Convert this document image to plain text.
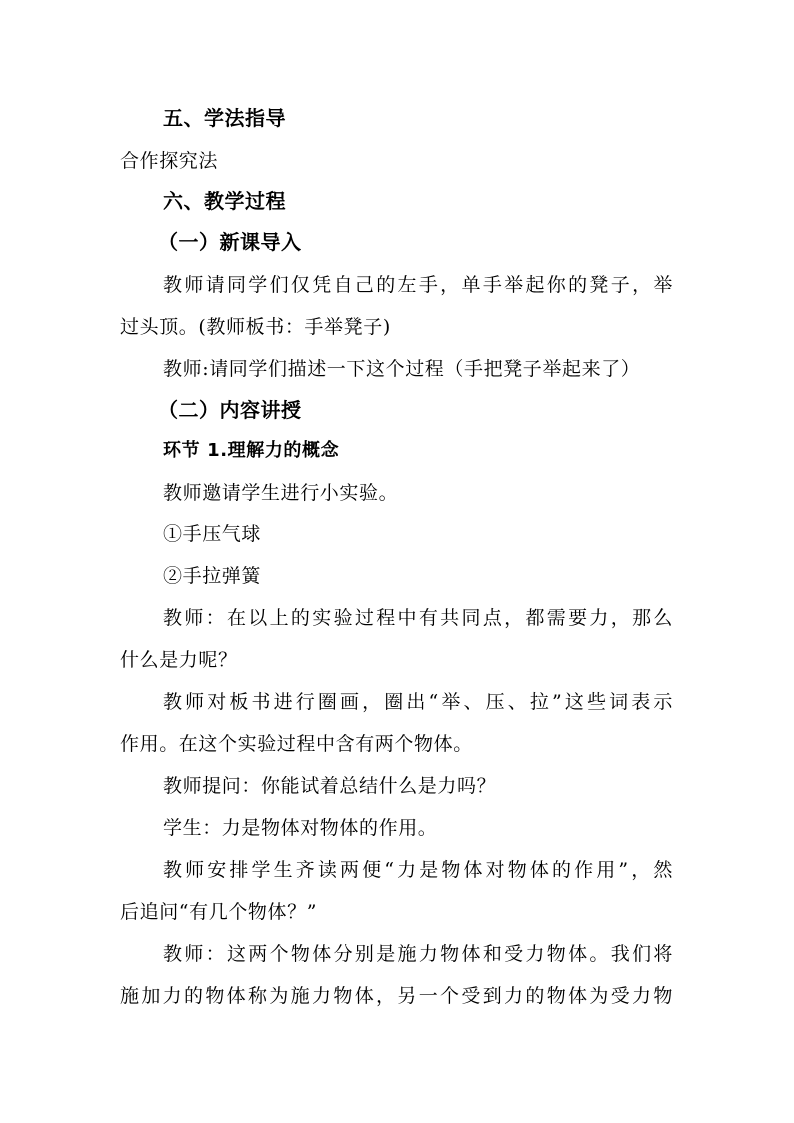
五、学法指导
合作探究法
六、教学过程
（一）新课导入
教师请同学们仅凭自己的左手，单手举起你的凳子，举
过头顶。(教师板书：手举凳子)
教师:请同学们描述一下这个过程（手把凳子举起来了）
（二）内容讲授
环节 1.理解力的概念
教师邀请学生进行小实验。
①手压气球
②手拉弹簧
教师：在以上的实验过程中有共同点，都需要力，那么
什么是力呢？
教师对板书进行圈画，圈出“举、压、拉”这些词表示
作用。在这个实验过程中含有两个物体。
教师提问：你能试着总结什么是力吗？
学生：力是物体对物体的作用。
教师安排学生齐读两便“力是物体对物体的作用”，然
后追问“有几个物体？”
教师：这两个物体分别是施力物体和受力物体。我们将
施加力的物体称为施力物体，另一个受到力的物体为受力物
